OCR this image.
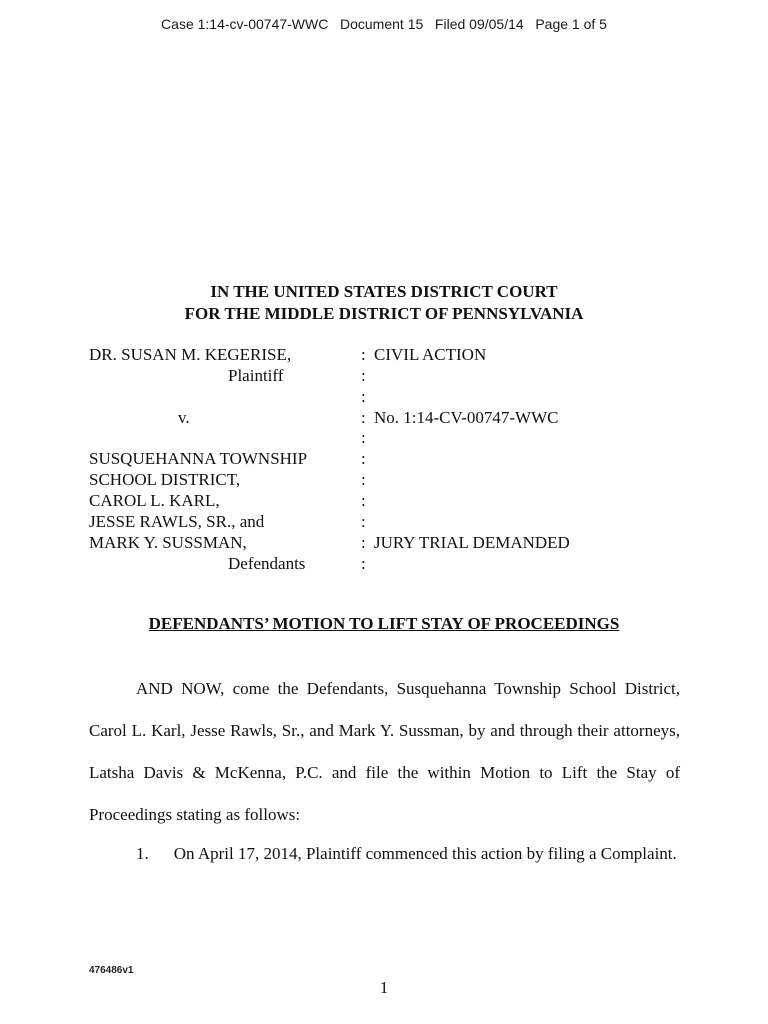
Case 1:14-cv-00747-WWC   Document 15   Filed 09/05/14   Page 1 of 5
IN THE UNITED STATES DISTRICT COURT
FOR THE MIDDLE DISTRICT OF PENNSYLVANIA
DR. SUSAN M. KEGERISE,
Plaintiff
v.
SUSQUEHANNA TOWNSHIP
SCHOOL DISTRICT,
CAROL L. KARL,
JESSE RAWLS, SR., and
MARK Y. SUSSMAN,
Defendants
:
:
:
:
:
:
:
:
:
:
:
CIVIL ACTION
No. 1:14-CV-00747-WWC
JURY TRIAL DEMANDED
DEFENDANTS’ MOTION TO LIFT STAY OF PROCEEDINGS
AND NOW, come the Defendants, Susquehanna Township School District, Carol L. Karl, Jesse Rawls, Sr., and Mark Y. Sussman, by and through their attorneys, Latsha Davis & McKenna, P.C. and file the within Motion to Lift the Stay of Proceedings stating as follows:
1. On April 17, 2014, Plaintiff commenced this action by filing a Complaint.
476486v1
1
